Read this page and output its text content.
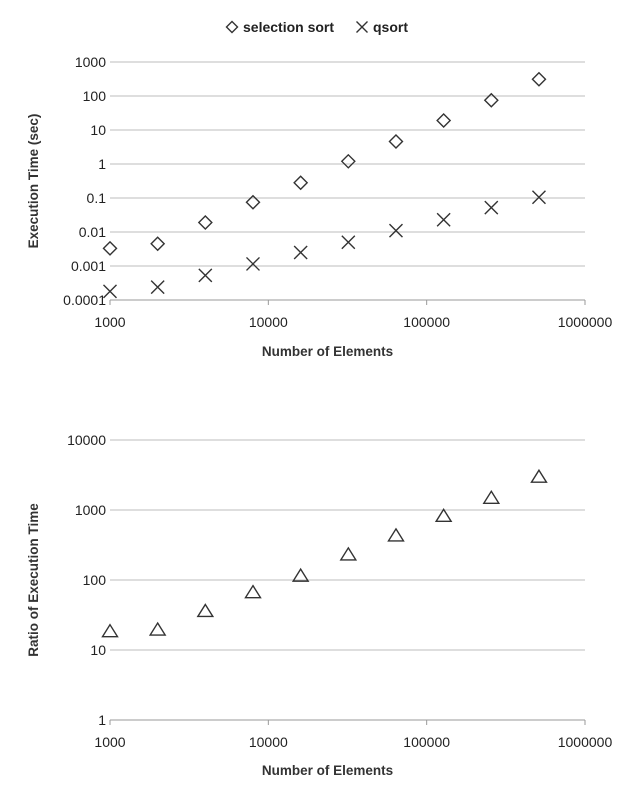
0.0001
0.001
0.01
0.1
1
10
100
1000
1000	10000	100000	1000000
Number of Elements
Execution Time (sec)
selection sort	qsort
1
10
100
1000
10000
1000	10000	100000	1000000
Number of Elements
Ratio of Execution Time
